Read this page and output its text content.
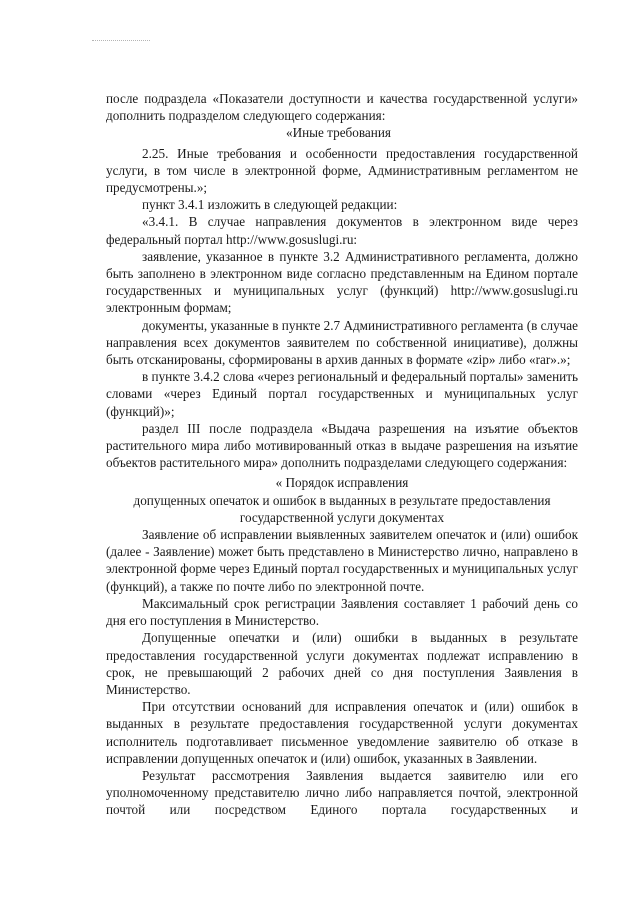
после подраздела «Показатели доступности и качества государственной услуги» дополнить подразделом следующего содержания:

«Иные требования

2.25. Иные требования и особенности предоставления государственной услуги, в том числе в электронной форме, Административным регламентом не предусмотрены.»;

пункт 3.4.1 изложить в следующей редакции:

«3.4.1. В случае направления документов в электронном виде через федеральный портал http://www.gosuslugi.ru:

заявление, указанное в пункте 3.2 Административного регламента, должно быть заполнено в электронном виде согласно представленным на Едином портале государственных и муниципальных услуг (функций) http://www.gosuslugi.ru электронным формам;

документы, указанные в пункте 2.7 Административного регламента (в случае направления всех документов заявителем по собственной инициативе), должны быть отсканированы, сформированы в архив данных в формате «zip» либо «rar».»;

в пункте 3.4.2 слова «через региональный и федеральный порталы» заменить словами «через Единый портал государственных и муниципальных услуг (функций)»;

раздел III после подраздела «Выдача разрешения на изъятие объектов растительного мира либо мотивированный отказ в выдаче разрешения на изъятие объектов растительного мира» дополнить подразделами следующего содержания:

« Порядок исправления

допущенных опечаток и ошибок в выданных в результате предоставления государственной услуги документах

Заявление об исправлении выявленных заявителем опечаток и (или) ошибок (далее - Заявление) может быть представлено в Министерство лично, направлено в электронной форме через Единый портал государственных и муниципальных услуг (функций), а также по почте либо по электронной почте.

Максимальный срок регистрации Заявления составляет 1 рабочий день со дня его поступления в Министерство.

Допущенные опечатки и (или) ошибки в выданных в результате предоставления государственной услуги документах подлежат исправлению в срок, не превышающий 2 рабочих дней со дня поступления Заявления в Министерство.

При отсутствии оснований для исправления опечаток и (или) ошибок в выданных в результате предоставления государственной услуги документах исполнитель подготавливает письменное уведомление заявителю об отказе в исправлении допущенных опечаток и (или) ошибок, указанных в Заявлении.

Результат рассмотрения Заявления выдается заявителю или его уполномоченному представителю лично либо направляется почтой, электронной почтой или посредством Единого портала государственных и
